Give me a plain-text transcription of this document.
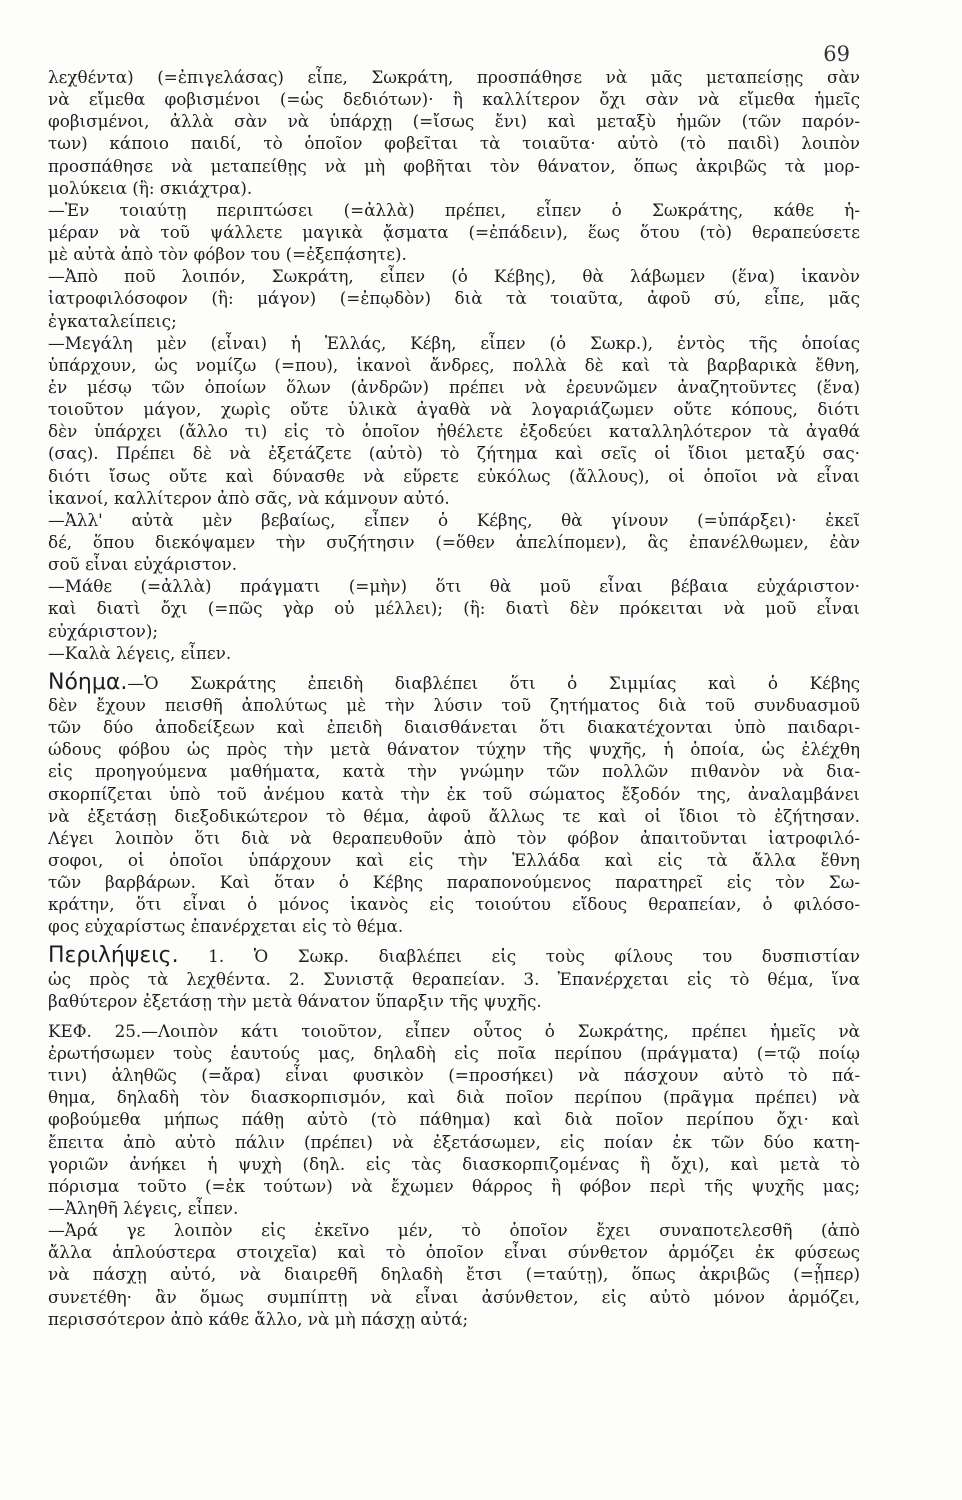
69
λεχθέντα) (=ἐπιγελάσας) εἶπε, Σωκράτη, προσπάθησε νὰ μᾶς μεταπείσῃς σὰν
νὰ εἴμεθα φοβισμένοι (=ὡς δεδιότων)· ἢ καλλίτερον ὄχι σὰν νὰ εἴμεθα ἡμεῖς
φοβισμένοι, ἀλλὰ σὰν νὰ ὑπάρχῃ (=ἴσως ἔνι) καὶ μεταξὺ ἡμῶν (τῶν παρόν-
των) κάποιο παιδί, τὸ ὁποῖον φοβεῖται τὰ τοιαῦτα· αὐτὸ (τὸ παιδὶ) λοιπὸν
προσπάθησε νὰ μεταπείθῃς νὰ μὴ φοβῆται τὸν θάνατον, ὅπως ἀκριβῶς τὰ μορ-
μολύκεια (ἢ: σκιάχτρα).
—Ἐν τοιαύτῃ περιπτώσει (=ἀλλὰ) πρέπει, εἶπεν ὁ Σωκράτης, κάθε ἡ-
μέραν νὰ τοῦ ψάλλετε μαγικὰ ᾄσματα (=ἐπάδειν), ἕως ὅτου (τὸ) θεραπεύσετε
μὲ αὐτὰ ἀπὸ τὸν φόβον του (=ἐξεπᾴσητε).
—Ἀπὸ ποῦ λοιπόν, Σωκράτη, εἶπεν (ὁ Κέβης), θὰ λάβωμεν (ἕνα) ἱκανὸν
ἰατροφιλόσοφον (ἢ: μάγον) (=ἐπῳδὸν) διὰ τὰ τοιαῦτα, ἀφοῦ σύ, εἶπε, μᾶς
ἐγκαταλείπεις;
—Μεγάλη μὲν (εἶναι) ἡ Ἑλλάς, Κέβη, εἶπεν (ὁ Σωκρ.), ἐντὸς τῆς ὁποίας
ὑπάρχουν, ὡς νομίζω (=που), ἱκανοὶ ἄνδρες, πολλὰ δὲ καὶ τὰ βαρβαρικὰ ἔθνη,
ἐν μέσῳ τῶν ὁποίων ὅλων (ἀνδρῶν) πρέπει νὰ ἐρευνῶμεν ἀναζητοῦντες (ἕνα)
τοιοῦτον μάγον, χωρὶς οὔτε ὑλικὰ ἀγαθὰ νὰ λογαριάζωμεν οὔτε κόπους, διότι
δὲν ὑπάρχει (ἄλλο τι) εἰς τὸ ὁποῖον ἠθέλετε ἐξοδεύει καταλληλότερον τὰ ἀγαθά
(σας). Πρέπει δὲ νὰ ἐξετάζετε (αὐτὸ) τὸ ζήτημα καὶ σεῖς οἱ ἴδιοι μεταξύ σας·
διότι ἴσως οὔτε καὶ δύνασθε νὰ εὕρετε εὐκόλως (ἄλλους), οἱ ὁποῖοι νὰ εἶναι
ἱκανοί, καλλίτερον ἀπὸ σᾶς, νὰ κάμνουν αὐτό.
—Ἀλλ' αὐτὰ μὲν βεβαίως, εἶπεν ὁ Κέβης, θὰ γίνουν (=ὑπάρξει)· ἐκεῖ
δέ, ὅπου διεκόψαμεν τὴν συζήτησιν (=ὅθεν ἀπελίπομεν), ἃς ἐπανέλθωμεν, ἐὰν
σοῦ εἶναι εὐχάριστον.
—Μάθε (=ἀλλὰ) πράγματι (=μὴν) ὅτι θὰ μοῦ εἶναι βέβαια εὐχάριστον·
καὶ διατὶ ὄχι (=πῶς γὰρ οὐ μέλλει); (ἢ: διατὶ δὲν πρόκειται νὰ μοῦ εἶναι
εὐχάριστον);
—Καλὰ λέγεις, εἶπεν.
Νόημα.—Ὁ Σωκράτης ἐπειδὴ διαβλέπει ὅτι ὁ Σιμμίας καὶ ὁ Κέβης
δὲν ἔχουν πεισθῆ ἀπολύτως μὲ τὴν λύσιν τοῦ ζητήματος διὰ τοῦ συνδυασμοῦ
τῶν δύο ἀποδείξεων καὶ ἐπειδὴ διαισθάνεται ὅτι διακατέχονται ὑπὸ παιδαρι-
ώδους φόβου ὡς πρὸς τὴν μετὰ θάνατον τύχην τῆς ψυχῆς, ἡ ὁποία, ὡς ἐλέχθη
εἰς προηγούμενα μαθήματα, κατὰ τὴν γνώμην τῶν πολλῶν πιθανὸν νὰ δια-
σκορπίζεται ὑπὸ τοῦ ἀνέμου κατὰ τὴν ἐκ τοῦ σώματος ἔξοδόν της, ἀναλαμβάνει
νὰ ἐξετάσῃ διεξοδικώτερον τὸ θέμα, ἀφοῦ ἄλλως τε καὶ οἱ ἴδιοι τὸ ἐζήτησαν.
Λέγει λοιπὸν ὅτι διὰ νὰ θεραπευθοῦν ἀπὸ τὸν φόβον ἀπαιτοῦνται ἰατροφιλό-
σοφοι, οἱ ὁποῖοι ὑπάρχουν καὶ εἰς τὴν Ἑλλάδα καὶ εἰς τὰ ἄλλα ἔθνη
τῶν βαρβάρων. Καὶ ὅταν ὁ Κέβης παραπονούμενος παρατηρεῖ εἰς τὸν Σω-
κράτην, ὅτι εἶναι ὁ μόνος ἱκανὸς εἰς τοιούτου εἴδους θεραπείαν, ὁ φιλόσο-
φος εὐχαρίστως ἐπανέρχεται εἰς τὸ θέμα.
Περιλήψεις. 1. Ὁ Σωκρ. διαβλέπει εἰς τοὺς φίλους του δυσπιστίαν
ὡς πρὸς τὰ λεχθέντα. 2. Συνιστᾷ θεραπείαν. 3. Ἐπανέρχεται εἰς τὸ θέμα, ἵνα
βαθύτερον ἐξετάσῃ τὴν μετὰ θάνατον ὕπαρξιν τῆς ψυχῆς.
ΚΕΦ. 25.—Λοιπὸν κάτι τοιοῦτον, εἶπεν οὗτος ὁ Σωκράτης, πρέπει ἡμεῖς νὰ
ἐρωτήσωμεν τοὺς ἑαυτούς μας, δηλαδὴ εἰς ποῖα περίπου (πράγματα) (=τῷ ποίῳ
τινι) ἀληθῶς (=ἄρα) εἶναι φυσικὸν (=προσήκει) νὰ πάσχουν αὐτὸ τὸ πά-
θημα, δηλαδὴ τὸν διασκορπισμόν, καὶ διὰ ποῖον περίπου (πρᾶγμα πρέπει) νὰ
φοβούμεθα μήπως πάθῃ αὐτὸ (τὸ πάθημα) καὶ διὰ ποῖον περίπου ὄχι· καὶ
ἔπειτα ἀπὸ αὐτὸ πάλιν (πρέπει) νὰ ἐξετάσωμεν, εἰς ποίαν ἐκ τῶν δύο κατη-
γοριῶν ἀνήκει ἡ ψυχὴ (δηλ. εἰς τὰς διασκορπιζομένας ἢ ὄχι), καὶ μετὰ τὸ
πόρισμα τοῦτο (=ἐκ τούτων) νὰ ἔχωμεν θάρρος ἢ φόβον περὶ τῆς ψυχῆς μας;
—Ἀληθῆ λέγεις, εἶπεν.
—Ἀρά γε λοιπὸν εἰς ἐκεῖνο μέν, τὸ ὁποῖον ἔχει συναποτελεσθῆ (ἀπὸ
ἄλλα ἁπλούστερα στοιχεῖα) καὶ τὸ ὁποῖον εἶναι σύνθετον ἁρμόζει ἐκ φύσεως
νὰ πάσχῃ αὐτό, νὰ διαιρεθῆ δηλαδὴ ἔτσι (=ταύτῃ), ὅπως ἀκριβῶς (=ᾗπερ)
συνετέθη· ἂν ὅμως συμπίπτῃ νὰ εἶναι ἀσύνθετον, εἰς αὐτὸ μόνον ἁρμόζει,
περισσότερον ἀπὸ κάθε ἄλλο, νὰ μὴ πάσχῃ αὐτά;
